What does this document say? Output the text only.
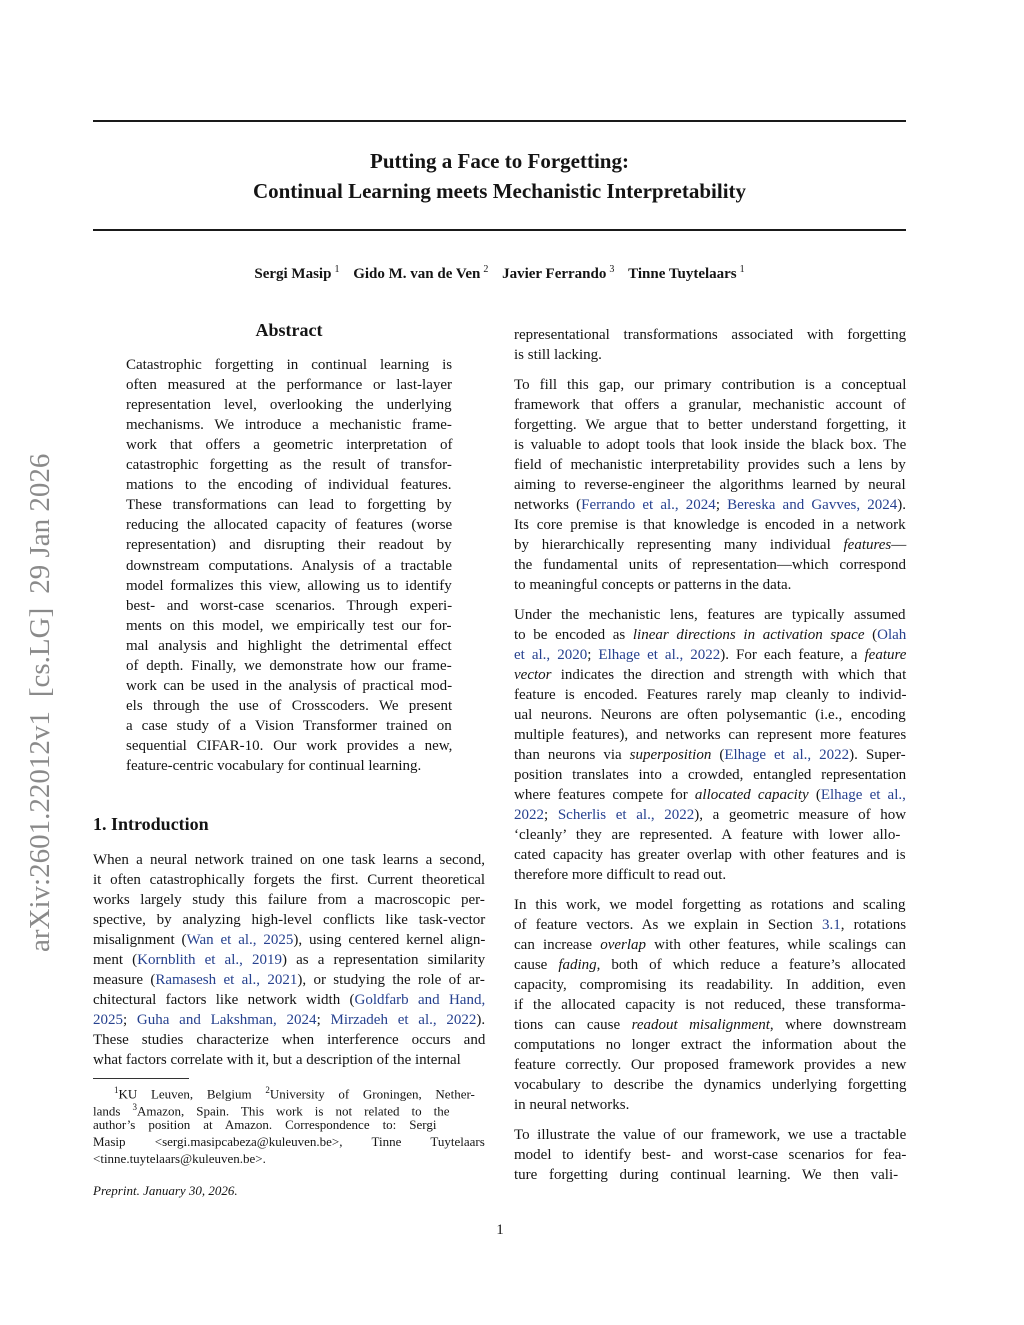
Putting a Face to Forgetting:
Continual Learning meets Mechanistic Interpretability
Sergi Masip $^1$ Gido M. van de Ven $^2$ Javier Ferrando $^3$ Tinne Tuytelaars $^1$
arXiv:2601.22012v1[cs.LG]29 Jan 2026
Abstract
Catastrophic forgetting in continual learning is
often measured at the performance or last-layer
representation level, overlooking the underlying
mechanisms. We introduce a mechanistic frame-
work that offers a geometric interpretation of
catastrophic forgetting as the result of transfor-
mations to the encoding of individual features.
These transformations can lead to forgetting by
reducing the allocated capacity of features (worse
representation) and disrupting their readout by
downstream computations. Analysis of a tractable
model formalizes this view, allowing us to identify
best- and worst-case scenarios. Through experi-
ments on this model, we empirically test our for-
mal analysis and highlight the detrimental effect
of depth. Finally, we demonstrate how our frame-
work can be used in the analysis of practical mod-
els through the use of Crosscoders. We present
a case study of a Vision Transformer trained on
sequential CIFAR-10. Our work provides a new,
feature-centric vocabulary for continual learning.
1. Introduction
When a neural network trained on one task learns a second,
it often catastrophically forgets the first. Current theoretical
works largely study this failure from a macroscopic per-
spective, by analyzing high-level conflicts like task-vector
misalignment (Wan et al., 2025), using centered kernel align-
ment (Kornblith et al., 2019) as a representation similarity
measure (Ramasesh et al., 2021), or studying the role of ar-
chitectural factors like network width (Goldfarb and Hand,
2025; Guha and Lakshman, 2024; Mirzadeh et al., 2022).
These studies characterize when interference occurs and
what factors correlate with it, but a description of the internal
representational transformations associated with forgetting
is still lacking.
To fill this gap, our primary contribution is a conceptual
framework that offers a granular, mechanistic account of
forgetting. We argue that to better understand forgetting, it
is valuable to adopt tools that look inside the black box. The
field of mechanistic interpretability provides such a lens by
aiming to reverse-engineer the algorithms learned by neural
networks (Ferrando et al., 2024; Bereska and Gavves, 2024).
Its core premise is that knowledge is encoded in a network
by hierarchically representing many individual features—
the fundamental units of representation—which correspond
to meaningful concepts or patterns in the data.
Under the mechanistic lens, features are typically assumed
to be encoded as linear directions in activation space (Olah
et al., 2020; Elhage et al., 2022). For each feature, a feature
vector indicates the direction and strength with which that
feature is encoded. Features rarely map cleanly to individ-
ual neurons. Neurons are often polysemantic (i.e., encoding
multiple features), and networks can represent more features
than neurons via superposition (Elhage et al., 2022). Super-
position translates into a crowded, entangled representation
where features compete for allocated capacity (Elhage et al.,
2022; Scherlis et al., 2022), a geometric measure of how
‘cleanly’ they are represented. A feature with lower allo-
cated capacity has greater overlap with other features and is
therefore more difficult to read out.
In this work, we model forgetting as rotations and scaling
of feature vectors. As we explain in Section 3.1, rotations
can increase overlap with other features, while scalings can
cause fading, both of which reduce a feature’s allocated
capacity, compromising its readability. In addition, even
if the allocated capacity is not reduced, these transforma-
tions can cause readout misalignment, where downstream
computations no longer extract the information about the
feature correctly. Our proposed framework provides a new
vocabulary to describe the dynamics underlying forgetting
in neural networks.
To illustrate the value of our framework, we use a tractable
model to identify best- and worst-case scenarios for fea-
ture forgetting during continual learning. We then vali-
$^1$KU Leuven, Belgium $^2$University of Groningen, Nether-
lands $^3$Amazon, Spain. This work is not related to the
author’s position at Amazon. Correspondence to: Sergi
Masip <sergi.masipcabeza@kuleuven.be>, Tinne Tuytelaars
<tinne.tuytelaars@kuleuven.be>.
Preprint. January 30, 2026.
1
